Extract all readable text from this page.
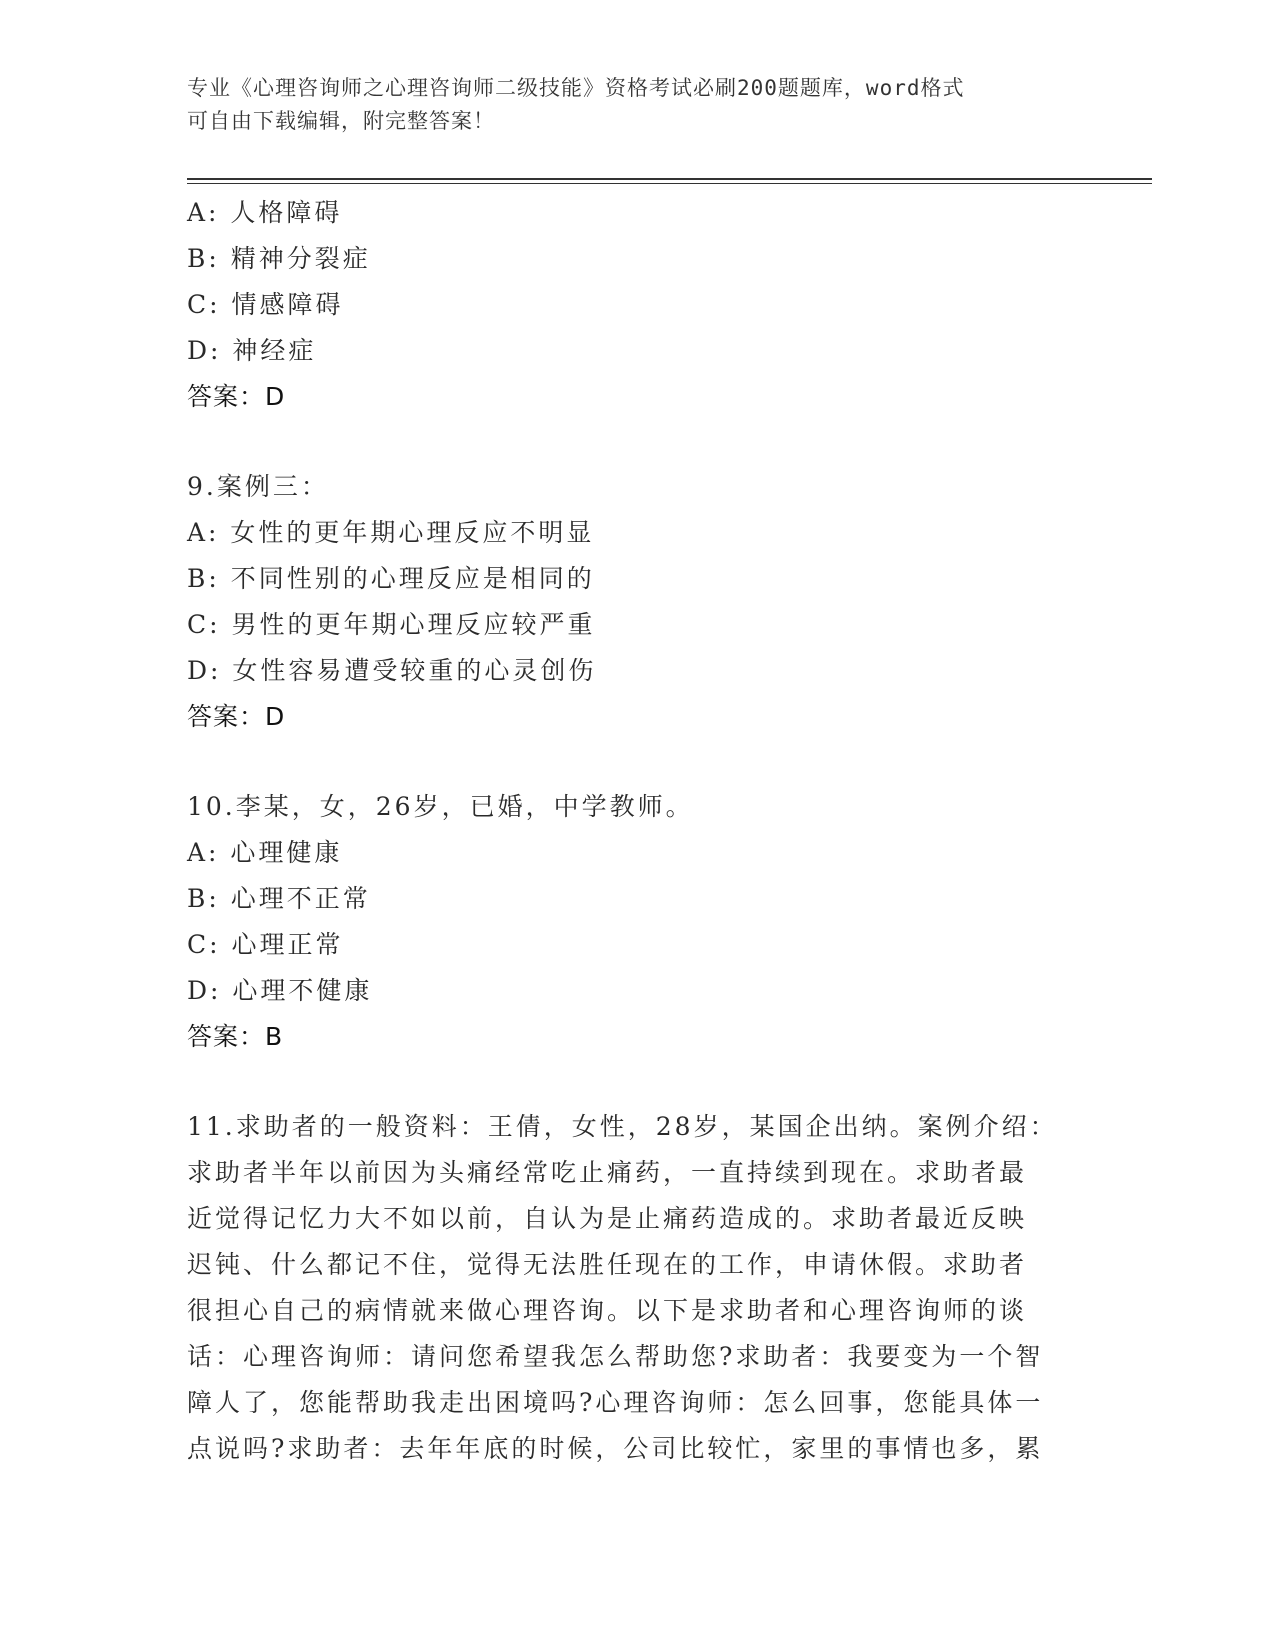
专业《心理咨询师之心理咨询师二级技能》资格考试必刷200题题库，word格式
可自由下载编辑，附完整答案！
A: 人格障碍
B: 精神分裂症
C: 情感障碍
D: 神经症
答案：D
9.案例三：
A: 女性的更年期心理反应不明显
B: 不同性别的心理反应是相同的
C: 男性的更年期心理反应较严重
D: 女性容易遭受较重的心灵创伤
答案：D
10.李某，女，26岁，已婚，中学教师。
A: 心理健康
B: 心理不正常
C: 心理正常
D: 心理不健康
答案：B
11.求助者的一般资料：王倩，女性，28岁，某国企出纳。案例介绍：
求助者半年以前因为头痛经常吃止痛药，一直持续到现在。求助者最
近觉得记忆力大不如以前，自认为是止痛药造成的。求助者最近反映
迟钝、什么都记不住，觉得无法胜任现在的工作，申请休假。求助者
很担心自己的病情就来做心理咨询。以下是求助者和心理咨询师的谈
话：心理咨询师：请问您希望我怎么帮助您?求助者：我要变为一个智
障人了，您能帮助我走出困境吗?心理咨询师：怎么回事，您能具体一
点说吗?求助者：去年年底的时候，公司比较忙，家里的事情也多，累
